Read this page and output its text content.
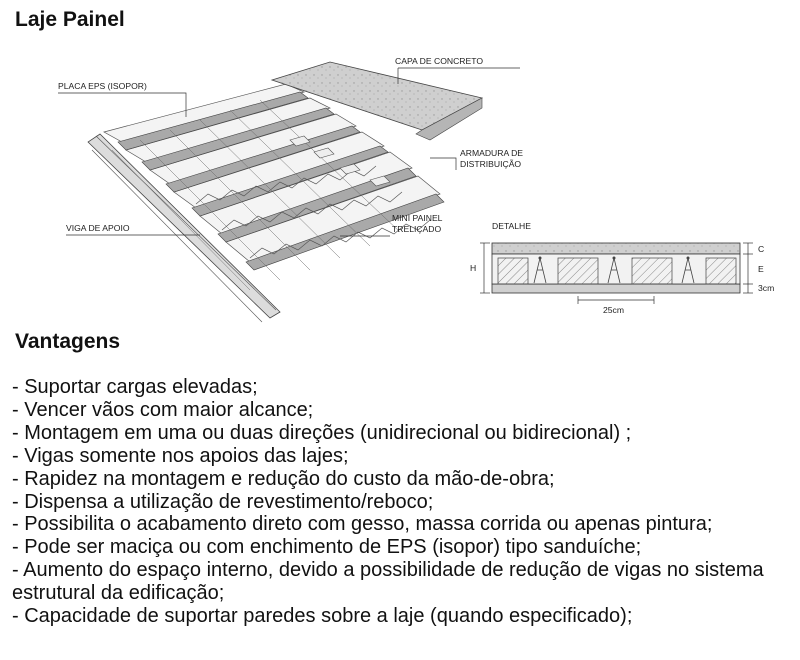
Laje Painel
CAPA DE CONCRETO
PLACA EPS (ISOPOR)
ARMADURA DE
DISTRIBUIÇÃO
VIGA DE APOIO
MINI PAINEL
TRELIÇADO	DETALHE
H
C
E
3cm
25cm
Vantagens
- Suportar cargas elevadas;
- Vencer vãos com maior alcance;
- Montagem em uma ou duas direções (unidirecional ou bidirecional) ;
- Vigas somente nos apoios das lajes;
- Rapidez na montagem e redução do custo da mão-de-obra;
- Dispensa a utilização de revestimento/reboco;
- Possibilita o acabamento direto com gesso, massa corrida ou apenas pintura;
- Pode ser maciça ou com enchimento de EPS (isopor) tipo sanduíche;
- Aumento do espaço interno, devido a possibilidade de redução de vigas no sistema estrutural da edificação;
- Capacidade de suportar paredes sobre a laje (quando especificado);
